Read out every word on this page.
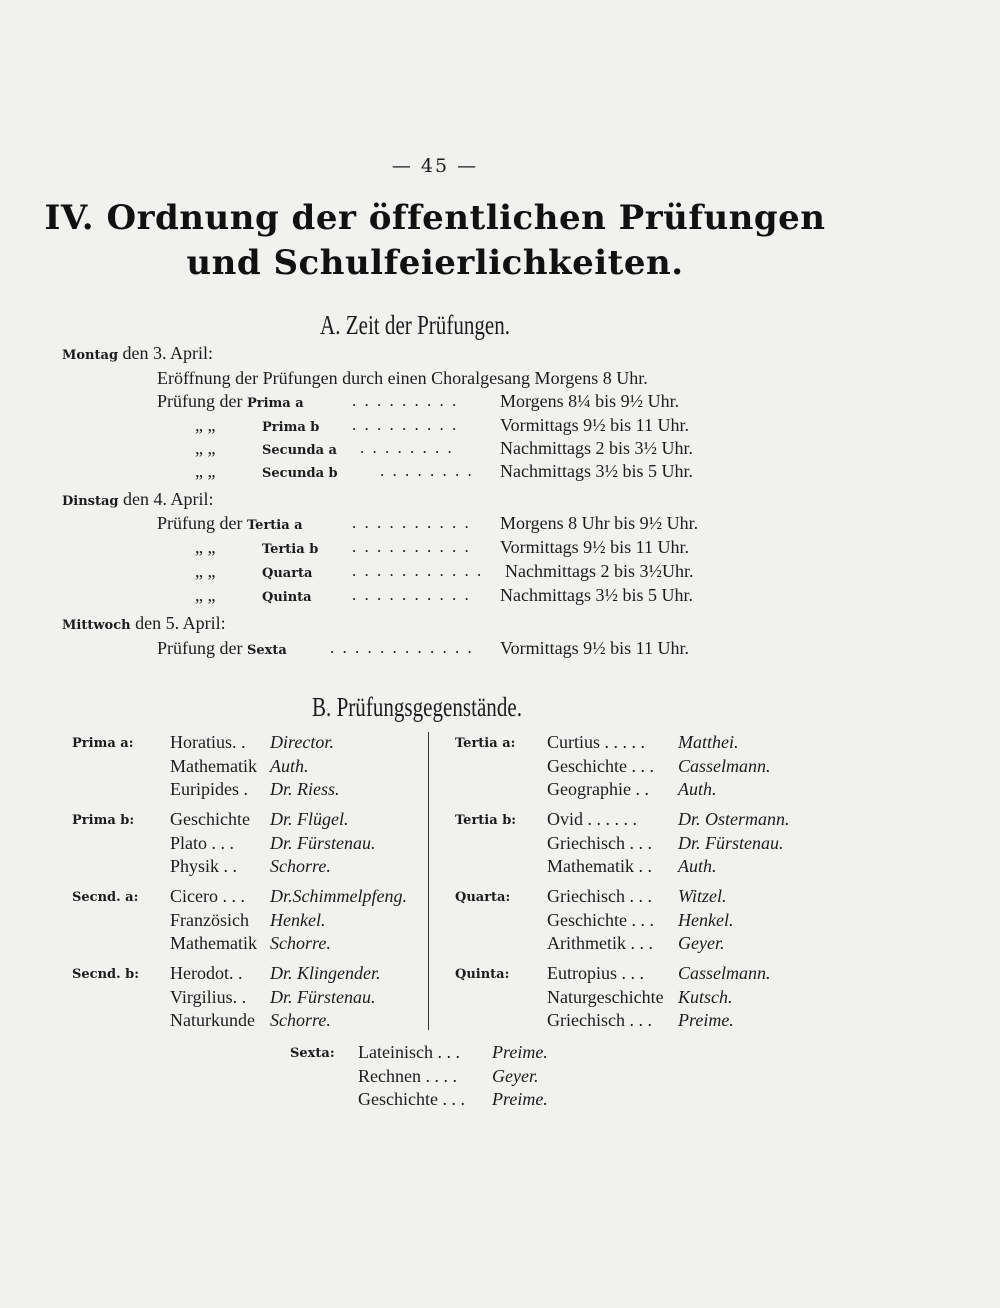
— 45 —
IV. Ordnung der öffentlichen Prüfungen
und Schulfeierlichkeiten.
A. Zeit der Prüfungen.
Montag den 3. April:
Eröffnung der Prüfungen durch einen Choralgesang Morgens 8 Uhr.
Prüfung der Prima a	. . . . . . . . . Morgens 8¼ bis 9½ Uhr.
„ „	Prima b . . . . . . . . . Vormittags 9½ bis 11 Uhr.
„ „	Secunda a . . . . . . . .	Nachmittags 2 bis 3½ Uhr.
„ „	Secunda b . . . . . . . . Nachmittags 3½ bis 5 Uhr.
Dinstag den 4. April:
Prüfung der Tertia a	. . . . . . . . . . Morgens 8 Uhr bis 9½ Uhr.
„ „	Tertia b . . . . . . . . . . Vormittags 9½ bis 11 Uhr.
„ „	Quarta . . . . . . . . . . . Nachmittags 2 bis 3½Uhr.
„ „	Quinta . . . . . . . . . . Nachmittags 3½ bis 5 Uhr.
Mittwoch den 5. April:
Prüfung der Sexta	. . . . . . . . . . . . Vormittags 9½ bis 11 Uhr.
B. Prüfungsgegenstände.
Prima a: Horatius. . Director.
Mathematik Auth.
Euripides . Dr. Riess.
Prima b: Geschichte Dr. Flügel.
Plato . . . Dr. Fürstenau.
Physik . . Schorre.
Secnd. a: Cicero . . . Dr.Schimmelpfeng.
Französich Henkel.
Mathematik Schorre.
Secnd. b: Herodot. . Dr. Klingender.
Virgilius. . Dr. Fürstenau.
Naturkunde Schorre.
Tertia a: Curtius . . . . . Matthei.
Geschichte . . . Casselmann.
Geographie . . Auth.
Tertia b: Ovid . . . . . . Dr. Ostermann.
Griechisch . . . Dr. Fürstenau.
Mathematik . . Auth.
Quarta: Griechisch . . . Witzel.
Geschichte . . . Henkel.
Arithmetik . . . Geyer.
Quinta: Eutropius . . . Casselmann.
Naturgeschichte Kutsch.
Griechisch . . . Preime.
Sexta: Lateinisch . . . Preime.
Rechnen . . . . Geyer.
Geschichte . . . Preime.
